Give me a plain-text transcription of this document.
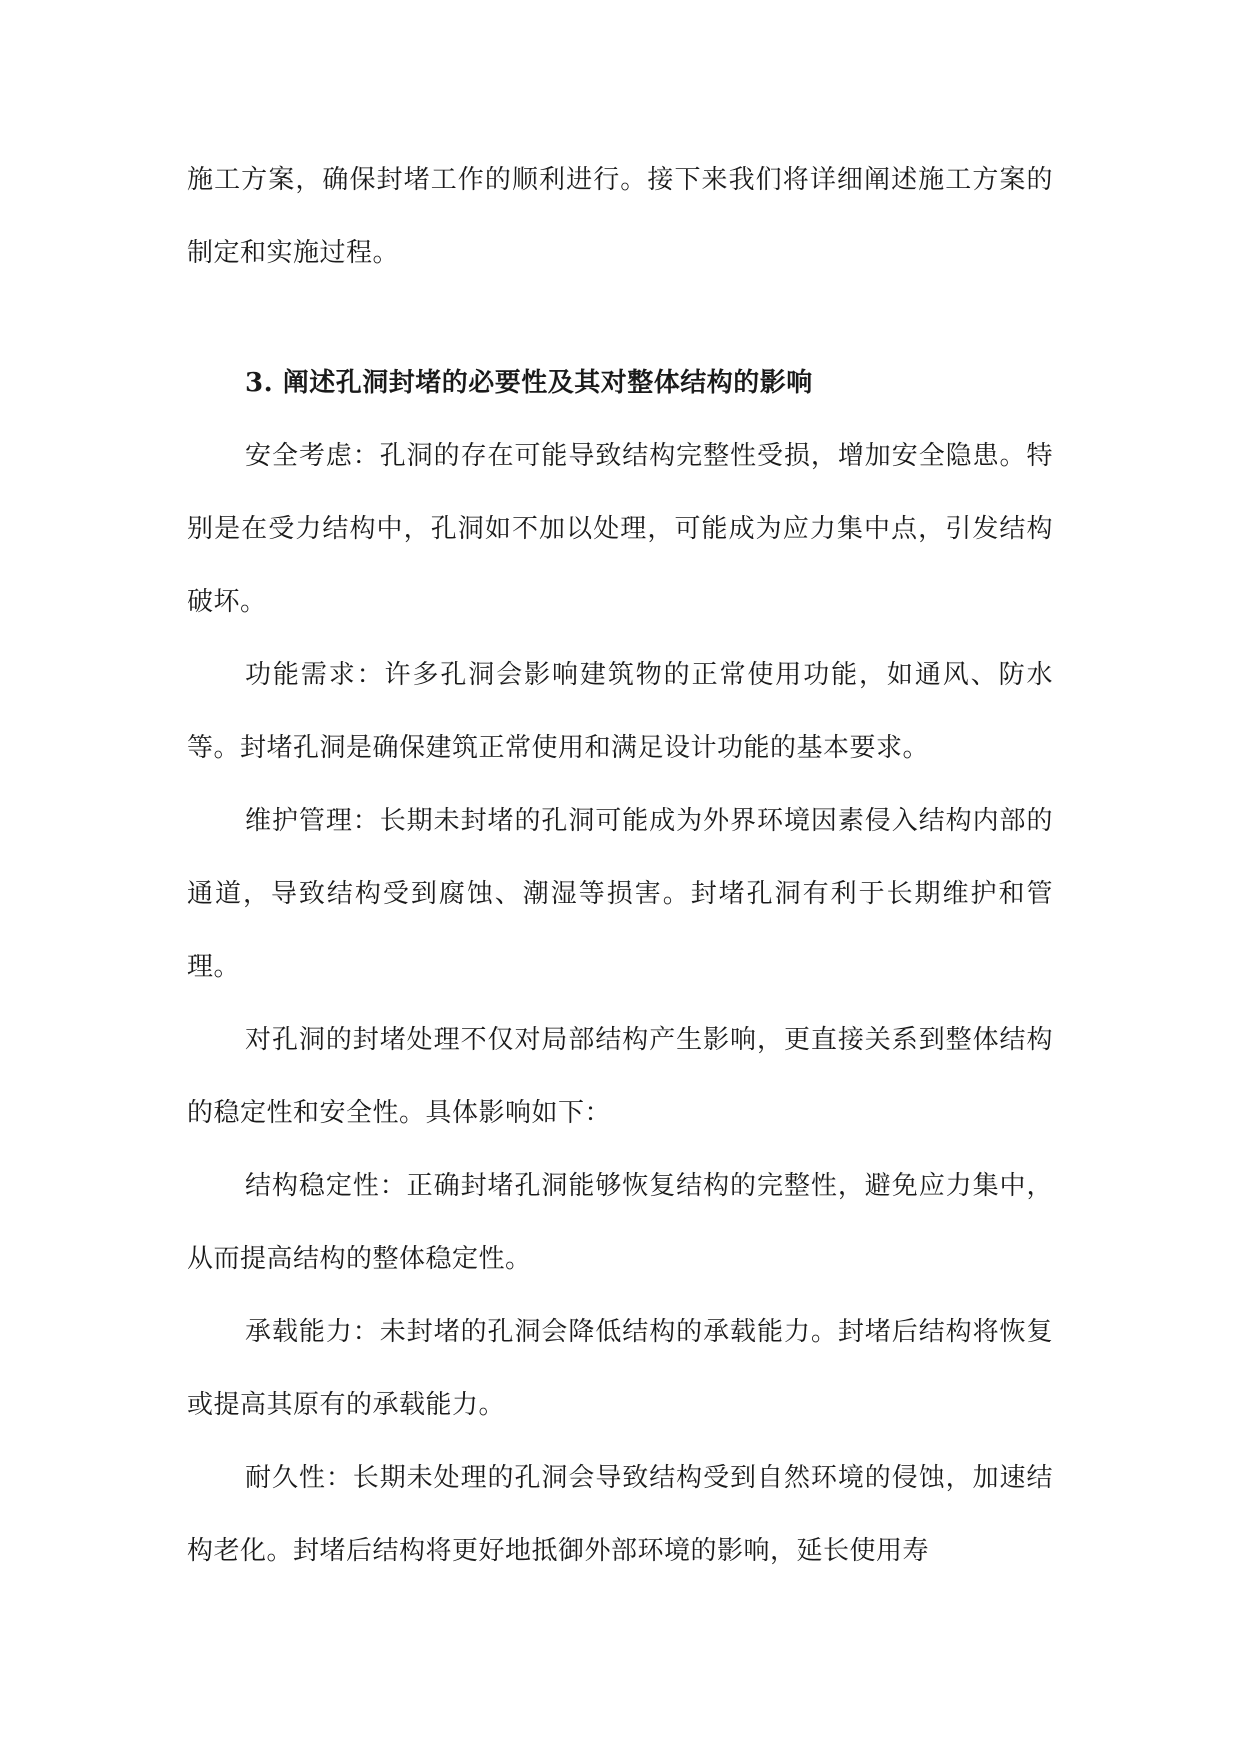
施工方案，确保封堵工作的顺利进行。接下来我们将详细阐述施工方案的制定和实施过程。

3. 阐述孔洞封堵的必要性及其对整体结构的影响

安全考虑：孔洞的存在可能导致结构完整性受损，增加安全隐患。特别是在受力结构中，孔洞如不加以处理，可能成为应力集中点，引发结构破坏。

功能需求：许多孔洞会影响建筑物的正常使用功能，如通风、防水等。封堵孔洞是确保建筑正常使用和满足设计功能的基本要求。

维护管理：长期未封堵的孔洞可能成为外界环境因素侵入结构内部的通道，导致结构受到腐蚀、潮湿等损害。封堵孔洞有利于长期维护和管理。

对孔洞的封堵处理不仅对局部结构产生影响，更直接关系到整体结构的稳定性和安全性。具体影响如下：

结构稳定性：正确封堵孔洞能够恢复结构的完整性，避免应力集中，从而提高结构的整体稳定性。

承载能力：未封堵的孔洞会降低结构的承载能力。封堵后结构将恢复或提高其原有的承载能力。

耐久性：长期未处理的孔洞会导致结构受到自然环境的侵蚀，加速结构老化。封堵后结构将更好地抵御外部环境的影响，延长使用寿
